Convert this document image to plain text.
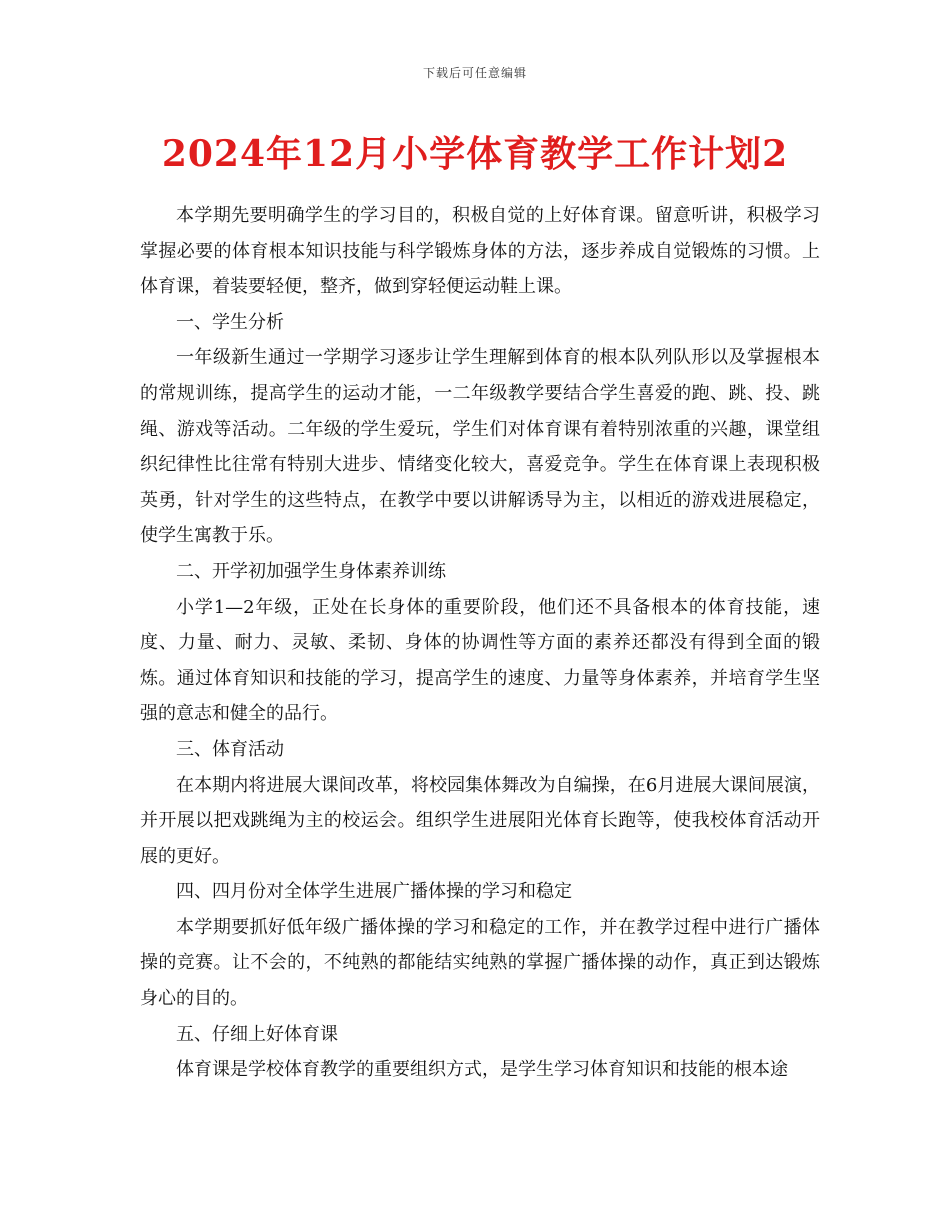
下载后可任意编辑
2024年12月小学体育教学工作计划2

本学期先要明确学生的学习目的，积极自觉的上好体育课。留意听讲，积极学习掌握必要的体育根本知识技能与科学锻炼身体的方法，逐步养成自觉锻炼的习惯。上体育课，着装要轻便，整齐，做到穿轻便运动鞋上课。

一、学生分析

一年级新生通过一学期学习逐步让学生理解到体育的根本队列队形以及掌握根本的常规训练，提高学生的运动才能，一二年级教学要结合学生喜爱的跑、跳、投、跳绳、游戏等活动。二年级的学生爱玩，学生们对体育课有着特别浓重的兴趣，课堂组织纪律性比往常有特别大进步、情绪变化较大，喜爱竞争。学生在体育课上表现积极英勇，针对学生的这些特点，在教学中要以讲解诱导为主，以相近的游戏进展稳定，使学生寓教于乐。

二、开学初加强学生身体素养训练

小学1—2年级，正处在长身体的重要阶段，他们还不具备根本的体育技能，速度、力量、耐力、灵敏、柔韧、身体的协调性等方面的素养还都没有得到全面的锻炼。通过体育知识和技能的学习，提高学生的速度、力量等身体素养，并培育学生坚强的意志和健全的品行。

三、体育活动

在本期内将进展大课间改革，将校园集体舞改为自编操，在6月进展大课间展演，并开展以把戏跳绳为主的校运会。组织学生进展阳光体育长跑等，使我校体育活动开展的更好。

四、四月份对全体学生进展广播体操的学习和稳定

本学期要抓好低年级广播体操的学习和稳定的工作，并在教学过程中进行广播体操的竞赛。让不会的，不纯熟的都能结实纯熟的掌握广播体操的动作，真正到达锻炼身心的目的。

五、仔细上好体育课

体育课是学校体育教学的重要组织方式，是学生学习体育知识和技能的根本途
